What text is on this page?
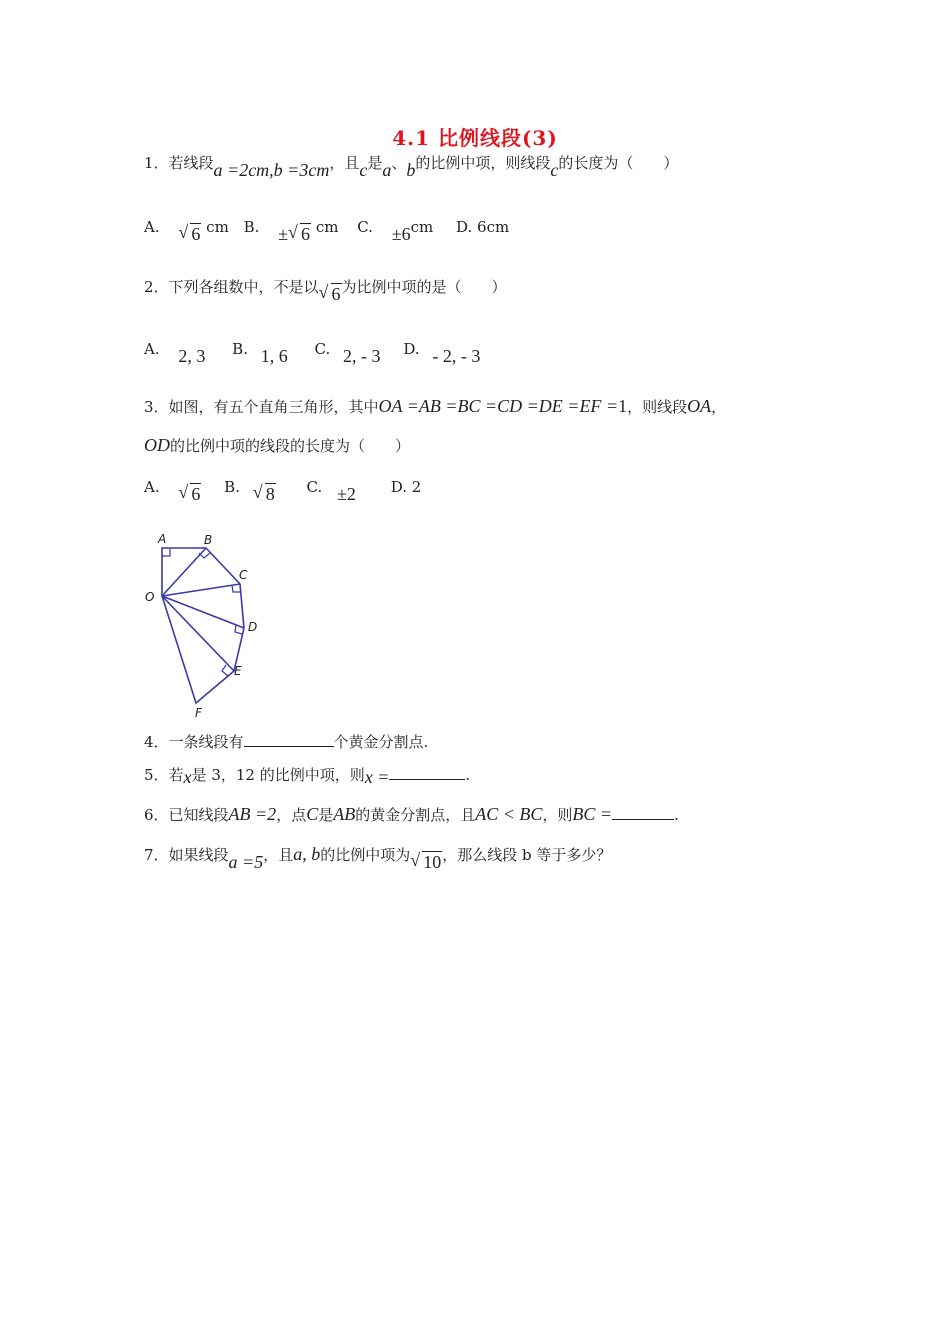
4.1 比例线段(3)
1．若线段a =2cm,b =3cm，且c是a、b的比例中项，则线段c的长度为（　　）
A. √ 6 cm B. ± √ 6 cm C. ±6cm D. 6cm
2．下列各组数中，不是以 √ 6为比例中项的是（　　）
A. 2, 3 B. 1, 6 C. 2, - 3 D. - 2, - 3
3．如图，有五个直角三角形，其中OA =AB =BC =CD =DE =EF =1，则线段OA，
OD的比例中项的线段的长度为（　　）
A. √ 6 B. √ 8 C. ±2 D. 2
A	B
C
D
E
F
O
4．一条线段有	个黄金分割点.
5．若x是 3，12 的比例中项，则x =	.
6．已知线段AB =2，点C是AB的黄金分割点，且AC < BC，则BC =	.
7．如果线段a =5，且a, b的比例中项为 √ 10，那么线段 b 等于多少？
